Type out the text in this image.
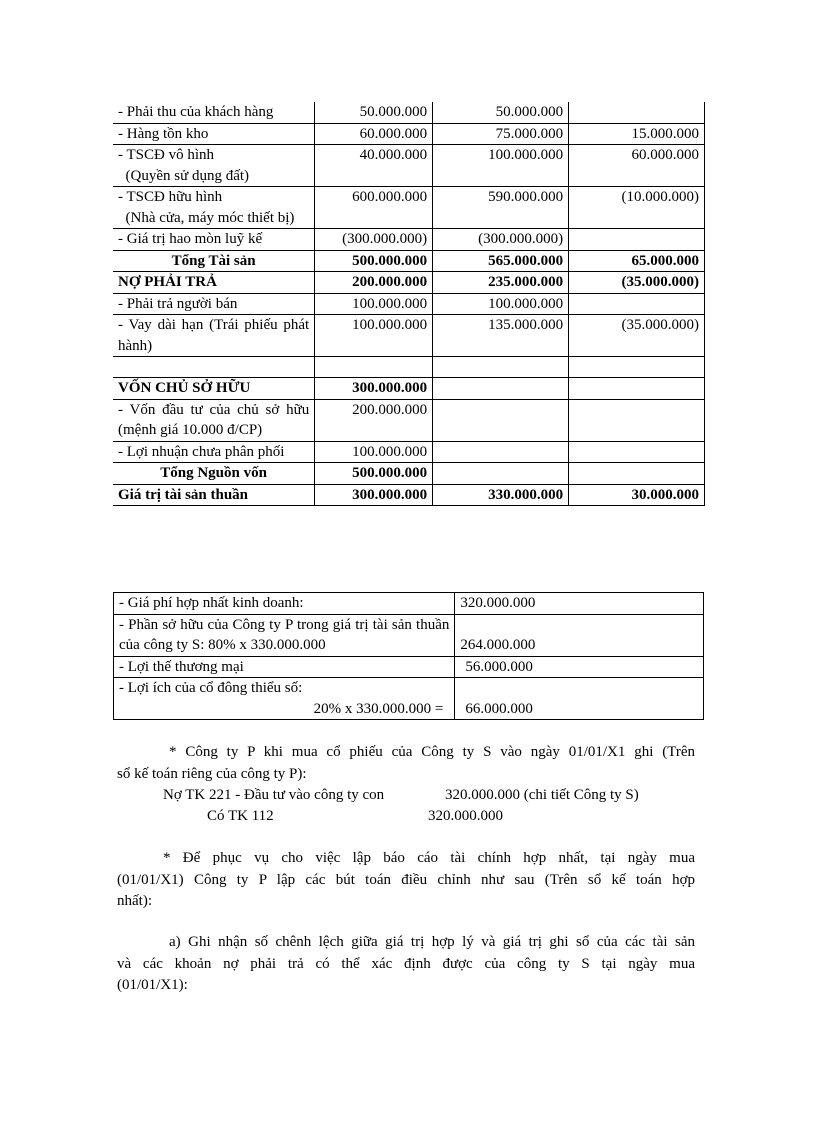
- Phải thu của khách hàng	50.000.000	50.000.000	
- Hàng tồn kho	60.000.000	75.000.000	15.000.000
- TSCĐ vô hình
(Quyền sử dụng đất)	40.000.000	100.000.000	60.000.000
- TSCĐ hữu hình
(Nhà cửa, máy móc thiết bị)	600.000.000	590.000.000	(10.000.000)
- Giá trị hao mòn luỹ kế	(300.000.000)	(300.000.000)	
Tổng Tài sản	500.000.000	565.000.000	65.000.000
NỢ PHẢI TRẢ	200.000.000	235.000.000	(35.000.000)
- Phải trả người bán	100.000.000	100.000.000	
- Vay dài hạn (Trái phiếu phát hành)	100.000.000	135.000.000	(35.000.000)

VỐN CHỦ SỞ HỮU	300.000.000		
- Vốn đầu tư của chủ sở hữu (mệnh giá 10.000 đ/CP)	200.000.000		
- Lợi nhuận chưa phân phối	100.000.000		
Tổng Nguồn vốn	500.000.000		
Giá trị tài sản thuần	300.000.000	330.000.000	30.000.000
- Giá phí hợp nhất kinh doanh:	320.000.000
- Phần sở hữu của Công ty P trong giá trị tài sản thuần của công ty S: 80% x 330.000.000	264.000.000
- Lợi thế thương mại	56.000.000

- Lợi ích của cổ đông thiểu số:
20% x 330.000.000 =	66.000.000
* Công ty P khi mua cổ phiếu của Công ty S vào ngày 01/01/X1 ghi (Trên
sổ kế toán riêng của công ty P):
Nợ TK 221 - Đầu tư vào công ty con	320.000.000 (chi tiết Công ty S)
Có TK 112	320.000.000
* Để phục vụ cho việc lập báo cáo tài chính hợp nhất, tại ngày mua
(01/01/X1) Công ty P lập các bút toán điều chỉnh như sau (Trên sổ kế toán hợp
nhất):
a) Ghi nhận số chênh lệch giữa giá trị hợp lý và giá trị ghi sổ của các tài sản
và các khoản nợ phải trả có thể xác định được của công ty S tại ngày mua
(01/01/X1):
